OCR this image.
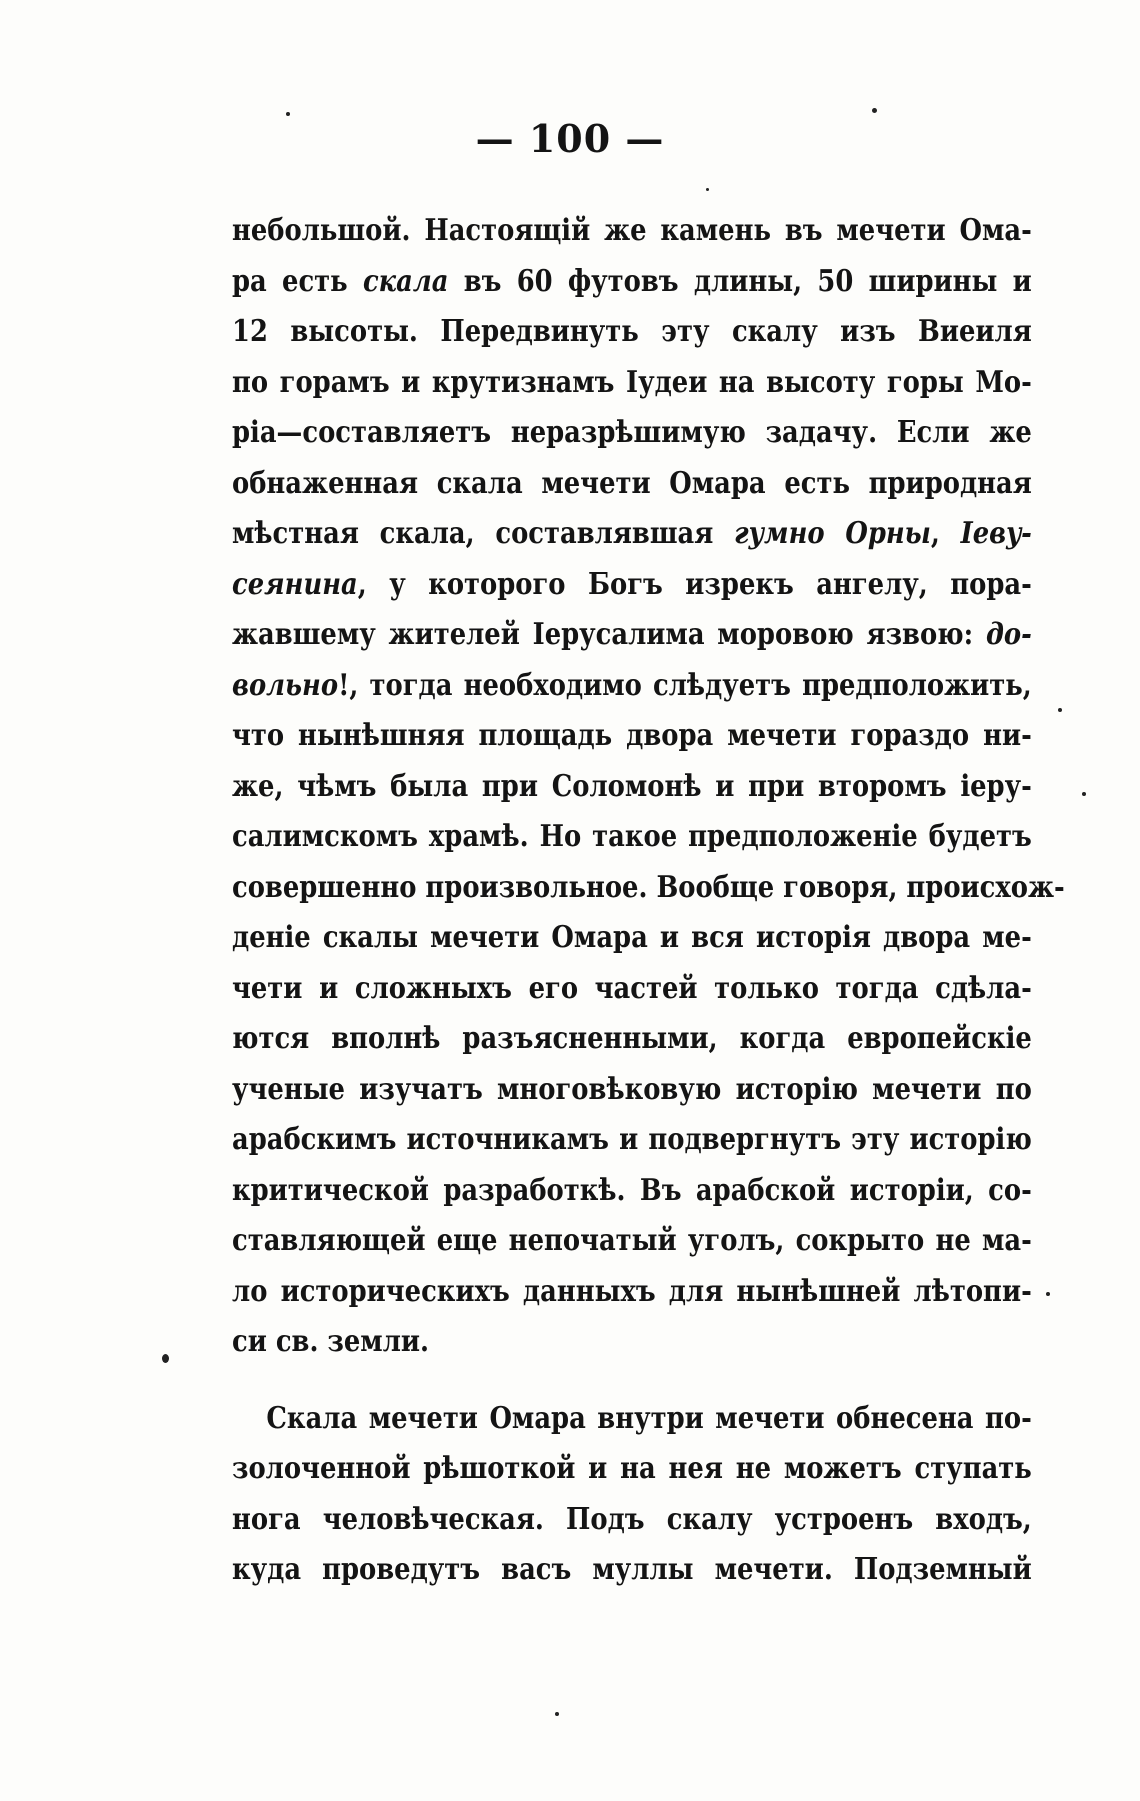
— 100 —
небольшой. Настоящій же камень въ мечети Ома-
ра есть скала въ 60 футовъ длины, 50 ширины и
12 высоты. Передвинуть эту скалу изъ Виеиля
по горамъ и крутизнамъ Іудеи на высоту горы Мо-
ріа—составляетъ неразрѣшимую задачу. Если же
обнаженная скала мечети Омара есть природная
мѣстная скала, составлявшая гумно Орны, Іевy-
сеянина, у которого Богъ изрекъ ангелу, пора-
жавшему жителей Іерусалима моровою язвою: до-
вольно!, тогда необходимо слѣдуетъ предположить,
что нынѣшняя площадь двора мечети гораздо ни-
же, чѣмъ была при Соломонѣ и при второмъ іеру-
салимскомъ храмѣ. Но такое предположеніе будетъ
совершенно произвольное. Вообще говоря, происхож-
деніе скалы мечети Омара и вся исторія двора ме-
чети и сложныхъ его частей только тогда сдѣла-
ются вполнѣ разъясненными, когда европейскіе
ученые изучатъ многовѣковую исторію мечети по
арабскимъ источникамъ и подвергнутъ эту исторію
критической разработкѣ. Въ арабской исторіи, со-
ставляющей еще непочатый уголъ, сокрыто не ма-
ло историческихъ данныхъ для нынѣшней лѣтопи-
си св. земли.
Скала мечети Омара внутри мечети обнесена по-
золоченной рѣшоткой и на нея не можетъ ступать
нога человѣческая. Подъ скалу устроенъ входъ,
куда проведутъ васъ муллы мечети. Подземный
